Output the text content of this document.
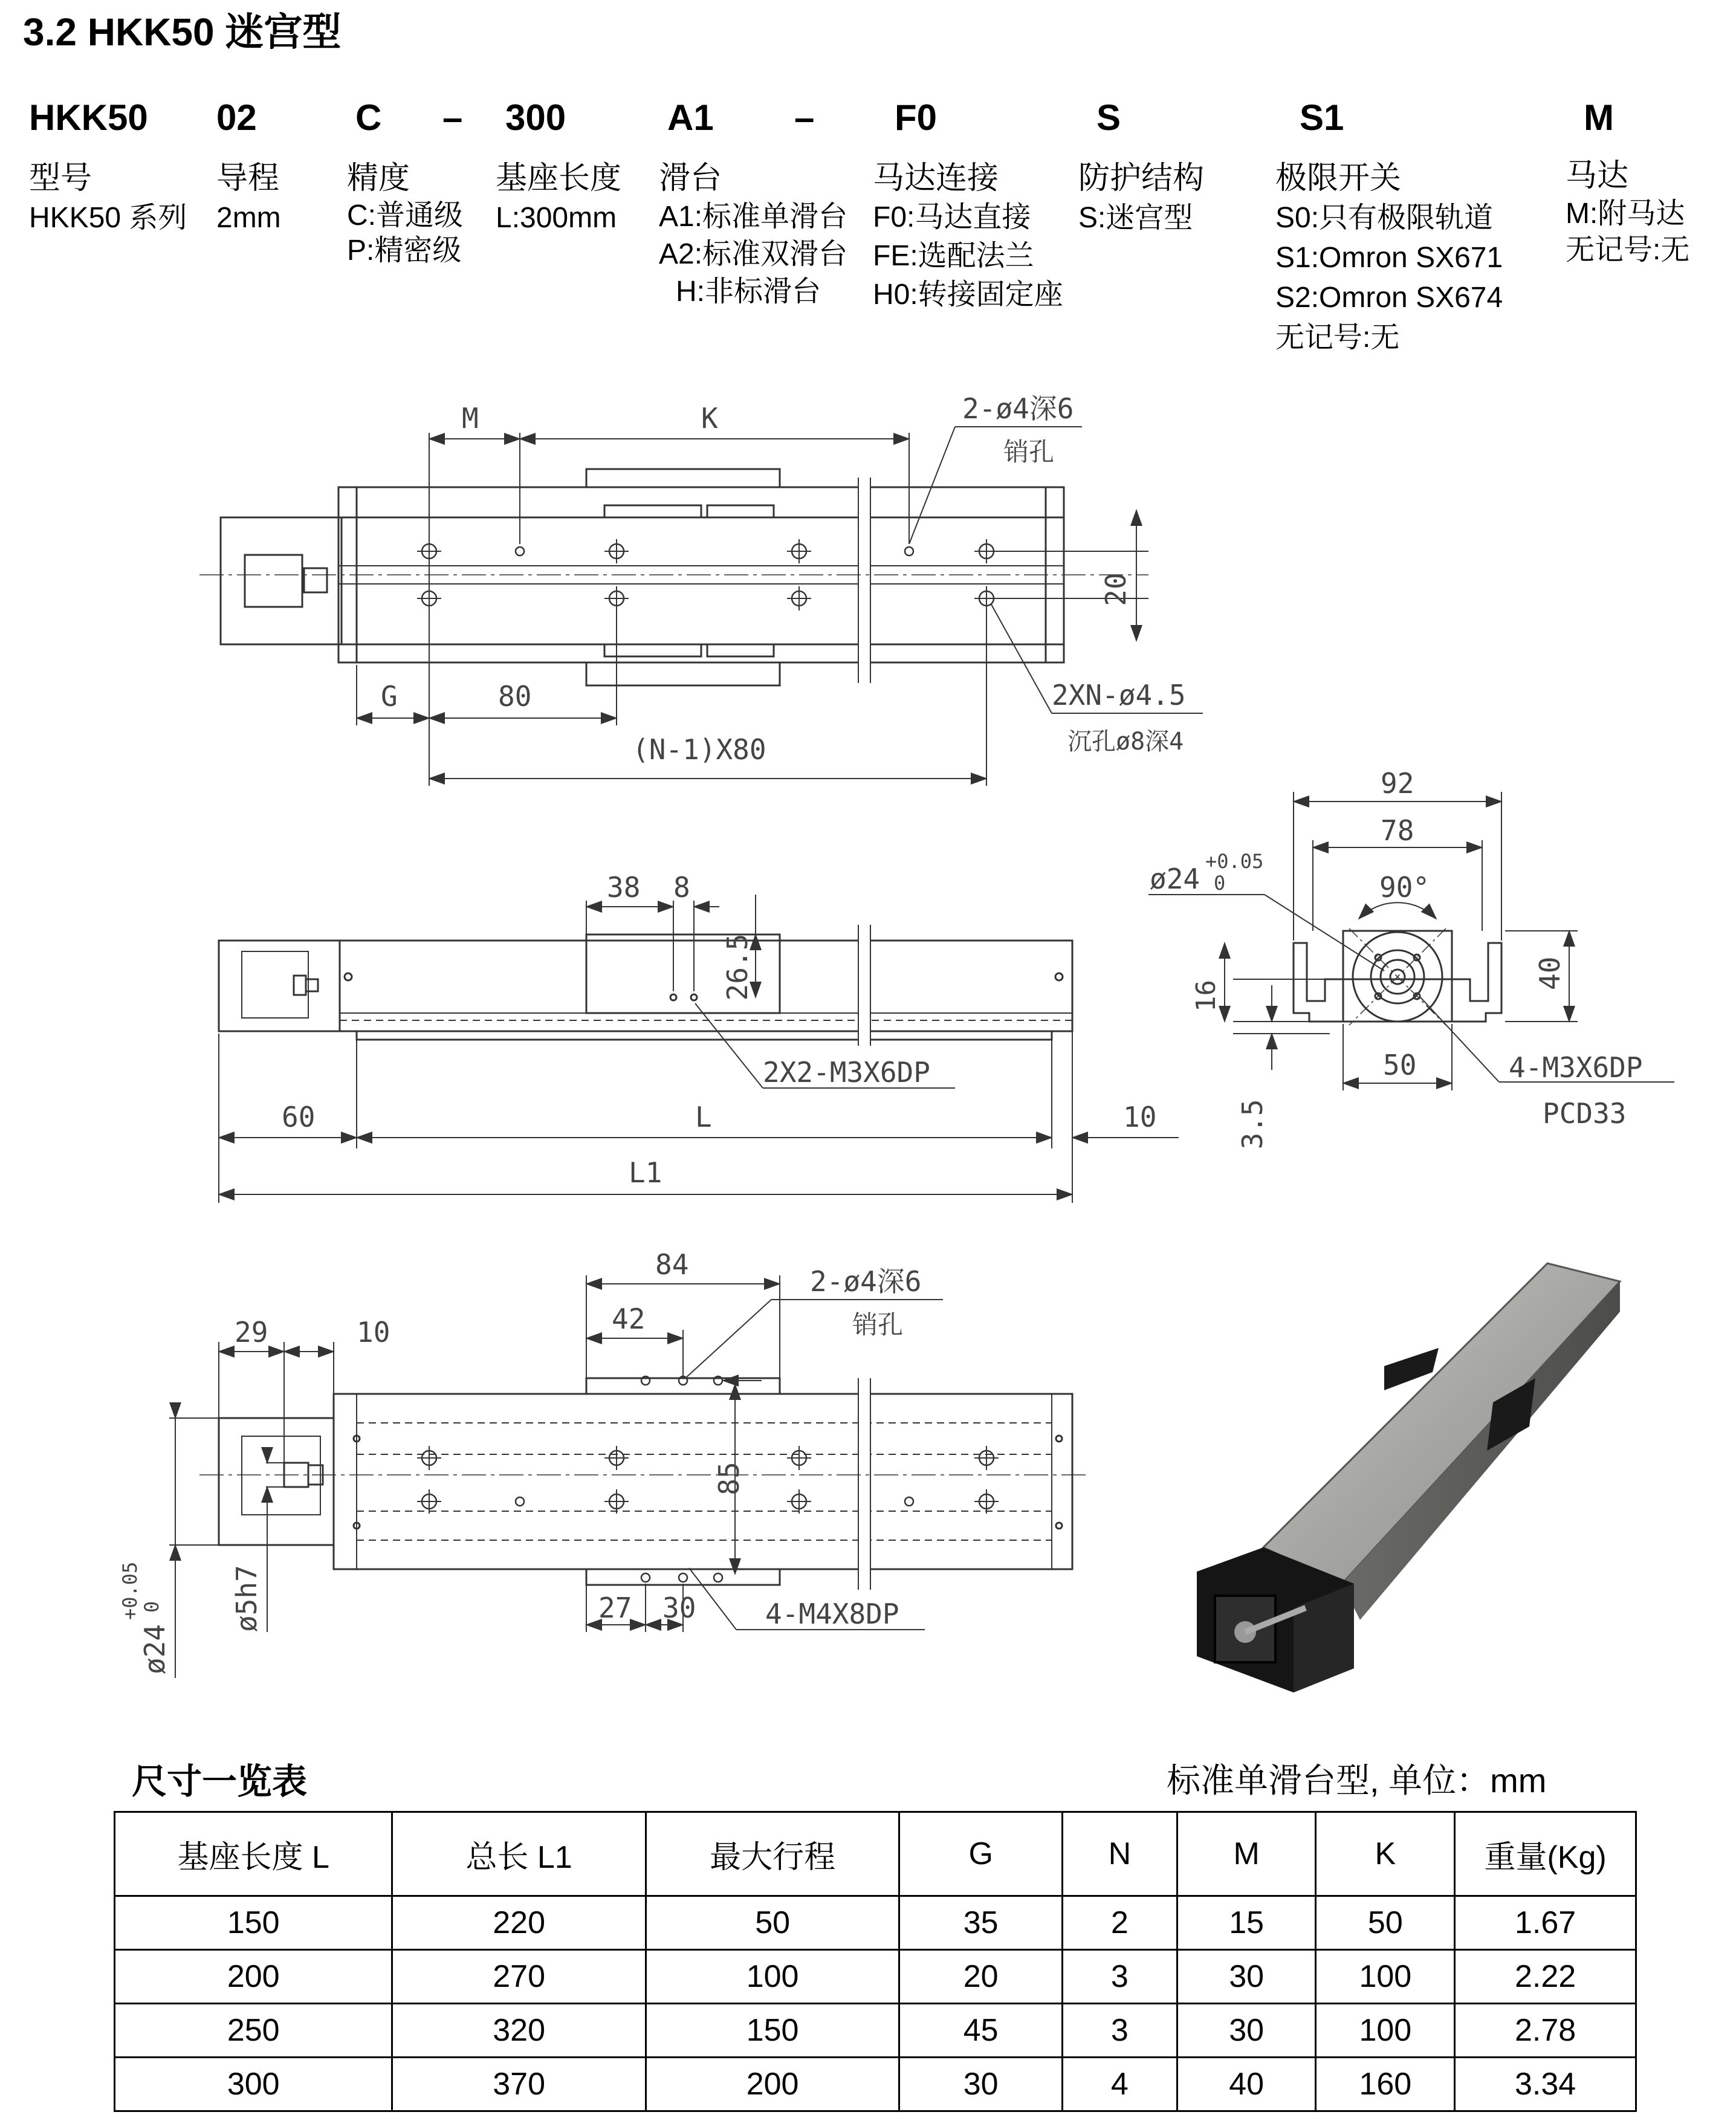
3.2 HKK50 迷宫型
HKK50 02	C – 300	A1 – F0	S	S1	M
型号
HKK50 系列
导程
2mm
精度
C:普通级
P:精密级
基座长度
L:300mm
滑台
A1:标准单滑台
A2:标准双滑台
H:非标滑台
马达连接
F0:马达直接
FE:选配法兰
H0:转接固定座
防护结构
S:迷宫型
极限开关
S0:只有极限轨道
S1:Omron SX671
S2:Omron SX674
无记号:无
马达
M:附马达
无记号:无
M	K	2-ø4深6
销孔
20
G	80
(N-1)X80
2XN-ø4.5
沉孔ø8深4
38 8
26.5
2X2-M3X6DP
60	L	10
L1
92
78
90°
ø24
+0.05
0
16
40
50
3.5
4-M3X6DP
PCD33
84
42
2-ø4深6
销孔
29	10
85
27 30 4-M4X8DP
ø24
+0.05
0 ø5h7
尺寸一览表	标准单滑台型, 单位：mm
基座长度 L	总长 L1	最大行程	G	N	M	K	重量(Kg)
150	220	50	35	2	15	50	1.67
200	270	100	20	3	30	100	2.22
250	320	150	45	3	30	100	2.78
300	370	200	30	4	40	160	3.34
